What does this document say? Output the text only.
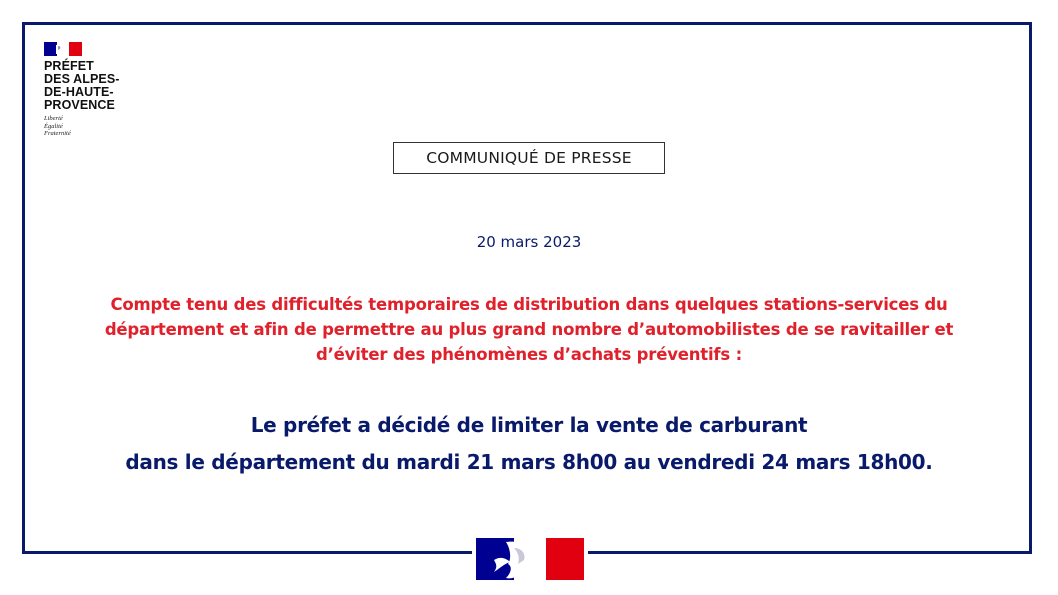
PRÉFET
DES ALPES-
DE-HAUTE-
PROVENCE
Liberté
Égalité
Fraternité
COMMUNIQUÉ DE PRESSE
20 mars 2023
Compte tenu des difficultés temporaires de distribution dans quelques stations-services du
département et afin de permettre au plus grand nombre d’automobilistes de se ravitailler et
d’éviter des phénomènes d’achats préventifs :
Le préfet a décidé de limiter la vente de carburant
dans le département du mardi 21 mars 8h00 au vendredi 24 mars 18h00.
